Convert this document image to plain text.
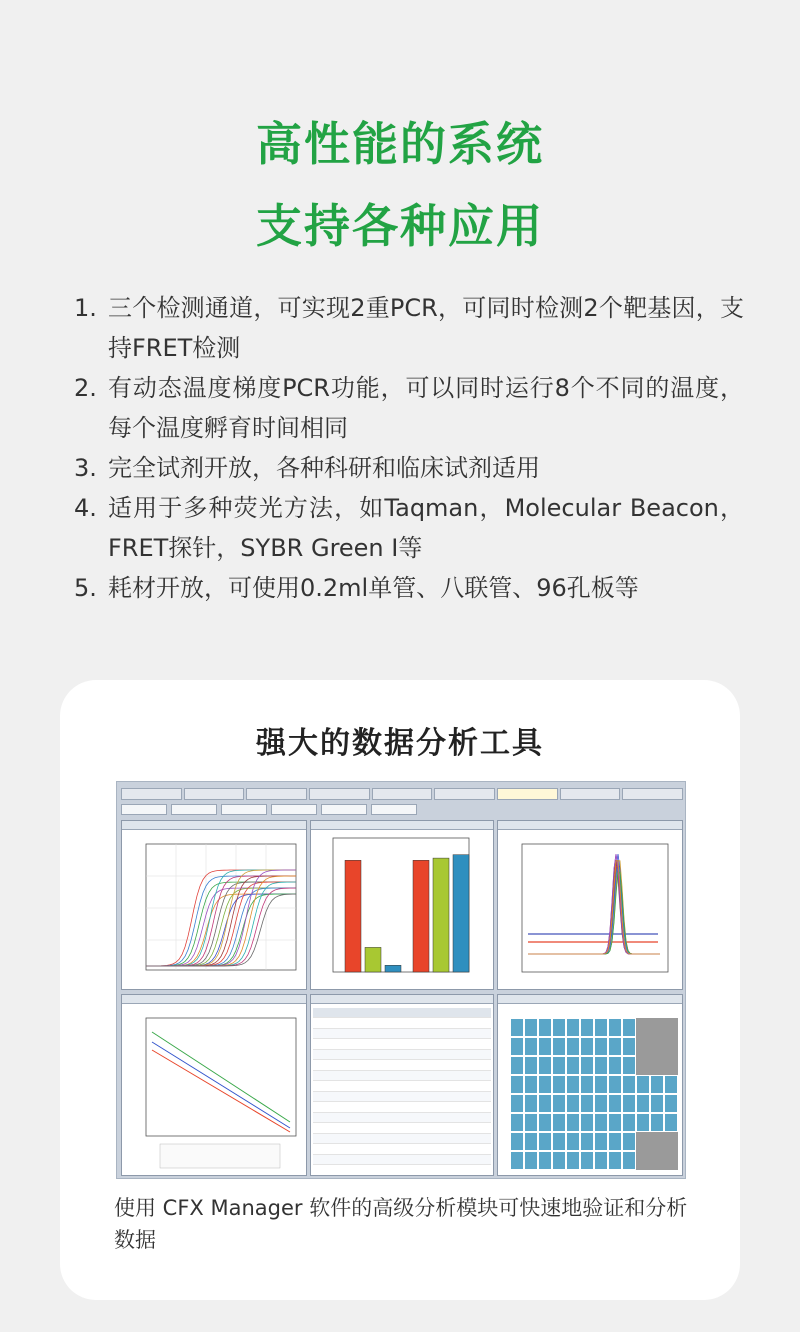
高性能的系统
支持各种应用
1. 三个检测通道，可实现2重PCR，可同时检测2个靶基因，支持FRET检测
2. 有动态温度梯度PCR功能，可以同时运行8个不同的温度，每个温度孵育时间相同
3. 完全试剂开放，各种科研和临床试剂适用
4. 适用于多种荧光方法，如Taqman，Molecular Beacon，FRET探针，SYBR Green I等
5. 耗材开放，可使用0.2ml单管、八联管、96孔板等
强大的数据分析工具
使用 CFX Manager 软件的高级分析模块可快速地验证和分析数据
